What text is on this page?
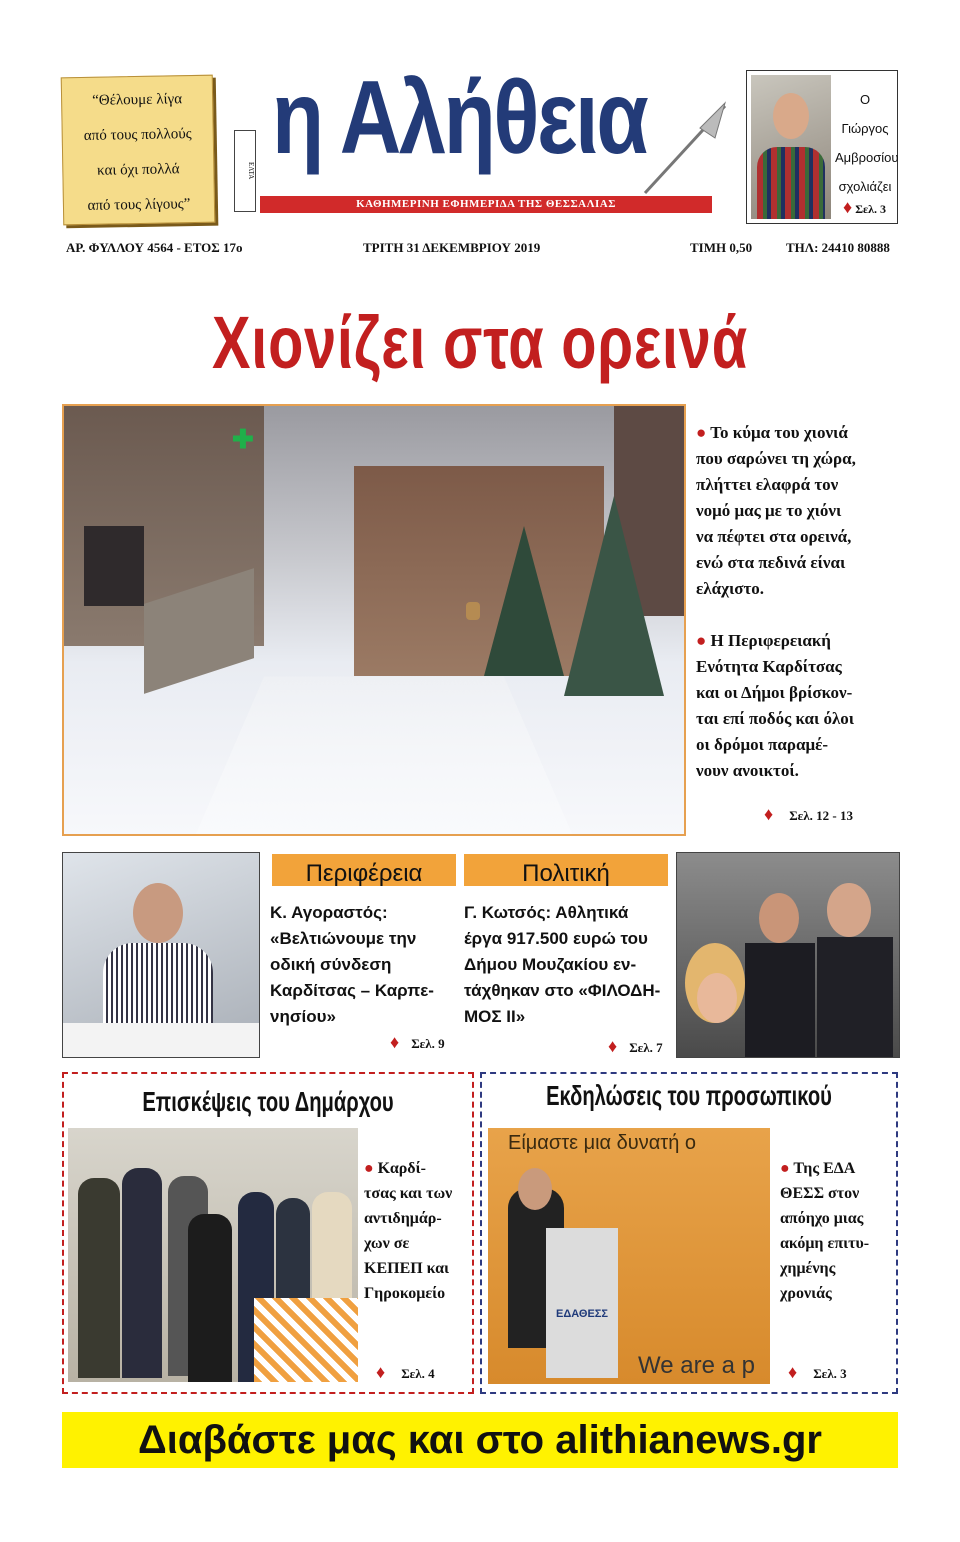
“Θέλουμε λίγα

από τους πολλούς

και όχι πολλά

από τους λίγους”

ΕΛΤΑ η Αλήθεια
ΚΑΘΗΜΕΡΙΝΗ ΕΦΗΜΕΡΙΔΑ ΤΗΣ ΘΕΣΣΑΛΙΑΣ
Ο Γιώργος
Αμβροσίου
σχολιάζει
♦ Σελ. 3
ΑΡ. ΦΥΛΛΟΥ 4564 - ΕΤΟΣ 17ο	ΤΡΙΤΗ 31 ΔΕΚΕΜΒΡΙΟΥ 2019	ΤΙΜΗ 0,50	ΤΗΛ: 24410 80888
Χιονίζει στα ορεινά
✚	● Το κύμα του χιονιά
που σαρώνει τη χώρα,
πλήττει ελαφρά τον
νομό μας με το χιόνι
να πέφτει στα ορεινά,
ενώ στα πεδινά είναι
ελάχιστο.
● Η Περιφερειακή
Ενότητα Καρδίτσας
και οι Δήμοι βρίσκον-
ται επί ποδός και όλοι
οι δρόμοι παραμέ-
νουν ανοικτοί.
♦ Σελ. 12 - 13
Περιφέρεια
Κ. Αγοραστός:
«Βελτιώνουμε την
οδική σύνδεση
Καρδίτσας – Καρπε-
νησίου»
♦ Σελ. 9
Πολιτική
Γ. Κωτσός: Αθλητικά
έργα 917.500 ευρώ του
Δήμου Μουζακίου εν-
τάχθηκαν στο «ΦΙΛΟΔΗ-
ΜΟΣ ΙΙ»
♦ Σελ. 7
Επισκέψεις του Δημάρχου
● Καρδί-
τσας και των
αντιδημάρ-
χων σε
ΚΕΠΕΠ και
Γηροκομείο
♦ Σελ. 4
Εκδηλώσεις του προσωπικού
Είμαστε μια δυνατή ο
ΕΔΑΘΕΣΣ
We are a p
● Της ΕΔΑ
ΘΕΣΣ στον
απόηχο μιας
ακόμη επιτυ-
χημένης
χρονιάς
♦ Σελ. 3
Διαβάστε μας και στο alithianews.gr
